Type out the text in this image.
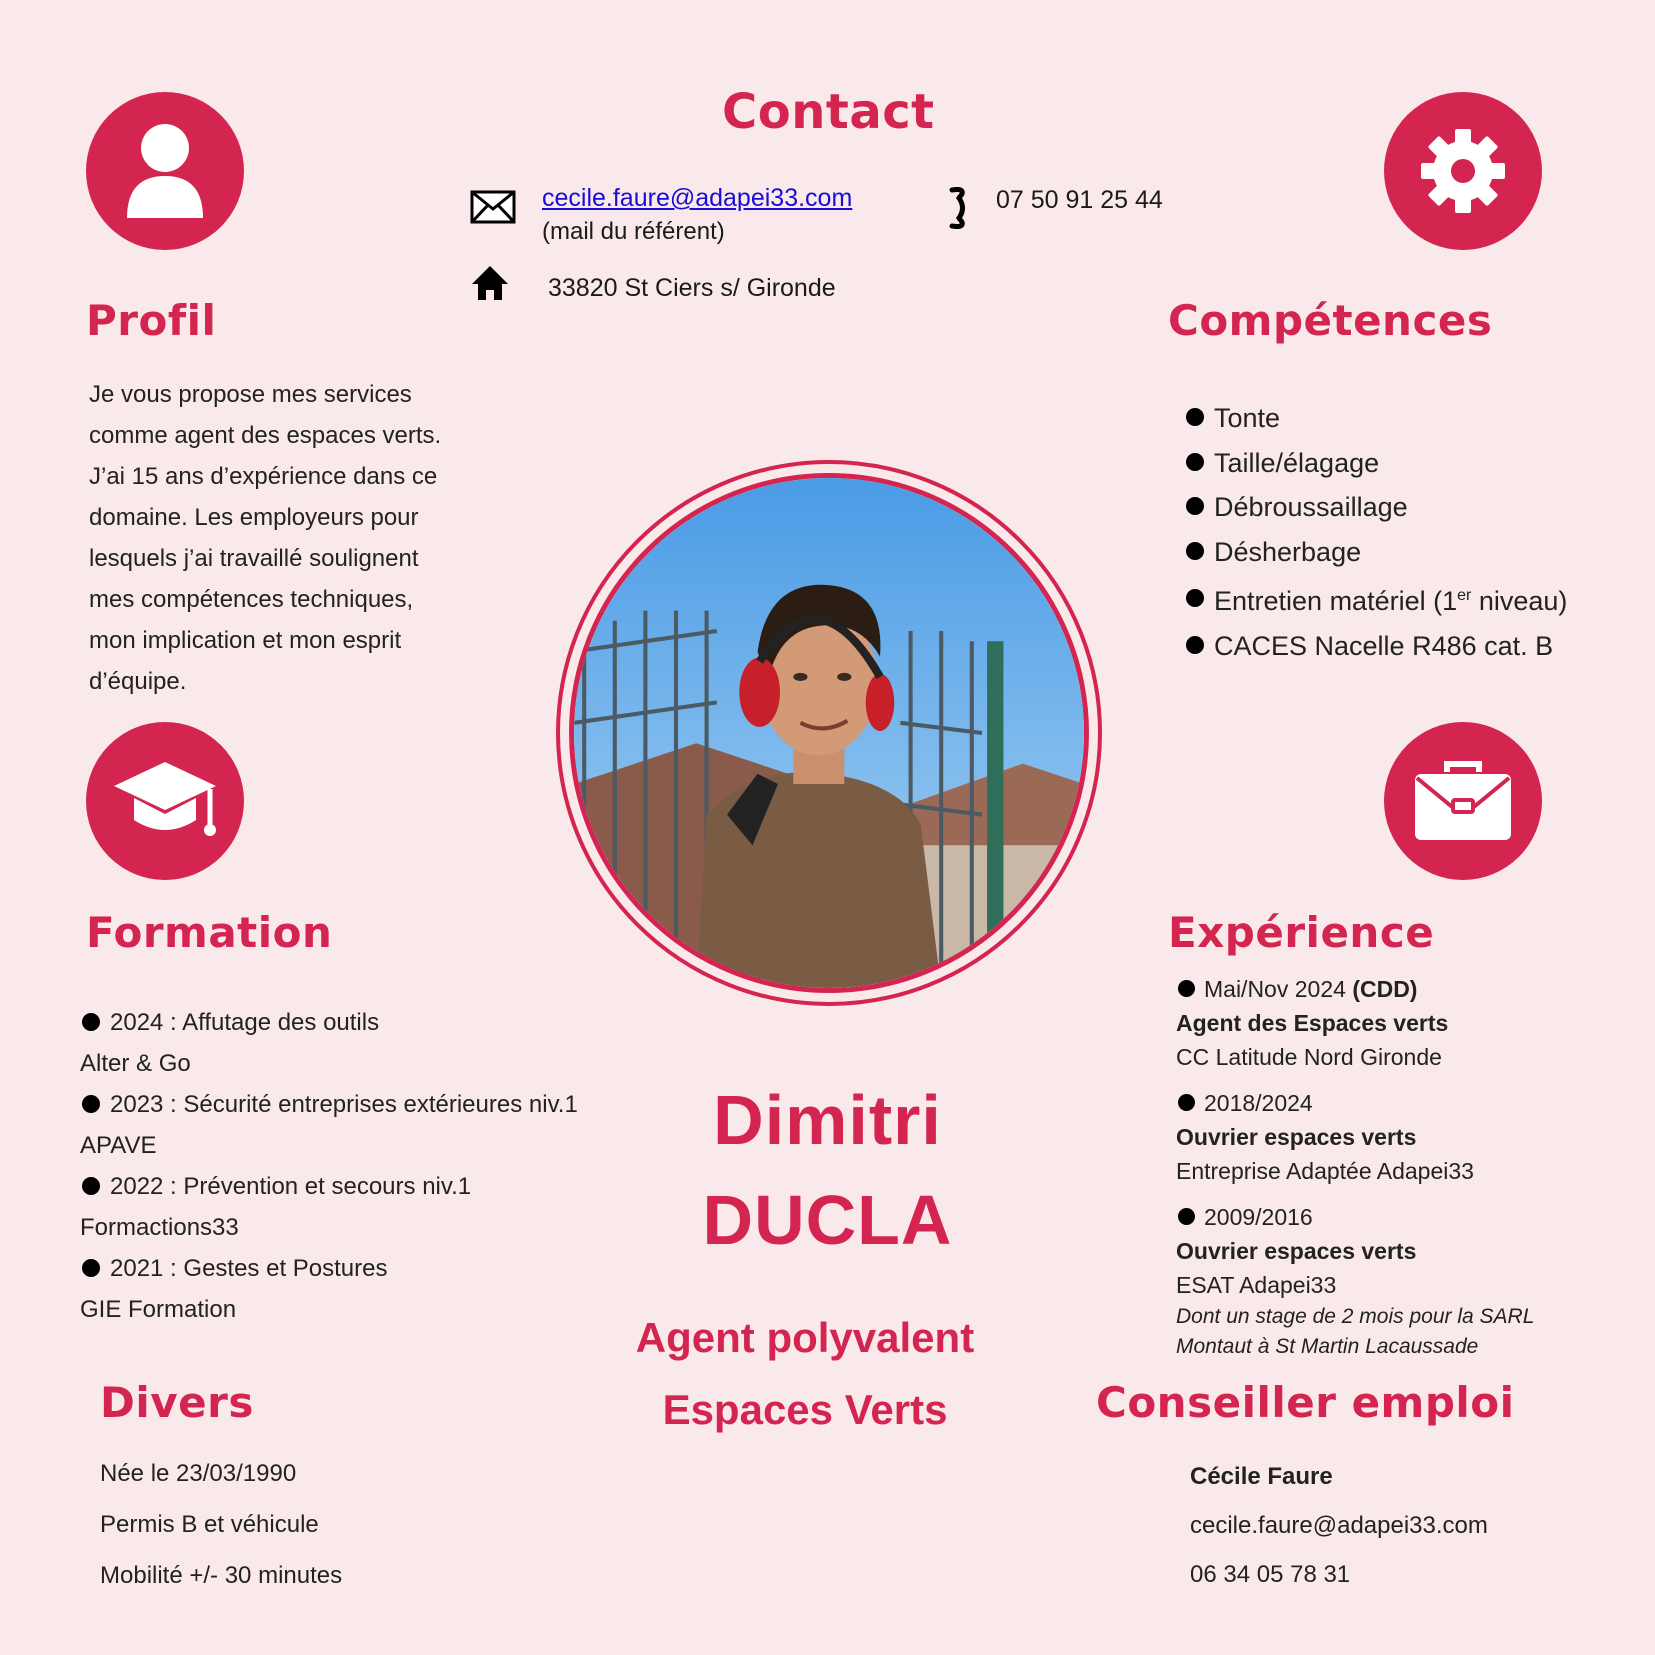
Contact
cecile.faure@adapei33.com
(mail du référent)
07 50 91 25 44
33820 St Ciers s/ Gironde
Profil
Je vous propose mes services
comme agent des espaces verts.
J’ai 15 ans d’expérience dans ce
domaine. Les employeurs pour
lesquels j’ai travaillé soulignent
mes compétences techniques,
mon implication et mon esprit
d’équipe.
Compétences
Tonte
Taille/élagage
Débroussaillage
Désherbage
Entretien matériel (1er niveau)
CACES Nacelle R486 cat. B
Formation
2024 : Affutage des outils
Alter & Go
2023 : Sécurité entreprises extérieures niv.1
APAVE
2022 : Prévention et secours niv.1
Formactions33
2021 : Gestes et Postures
GIE Formation
Expérience
Mai/Nov 2024 (CDD)
Agent des Espaces verts
CC Latitude Nord Gironde
2018/2024
Ouvrier espaces verts
Entreprise Adaptée Adapei33
2009/2016
Ouvrier espaces verts
ESAT Adapei33
Dont un stage de 2 mois pour la SARL
Montaut à St Martin Lacaussade
Dimitri
DUCLA
Agent polyvalent
Espaces Verts
Divers
Née le 23/03/1990
Permis B et véhicule
Mobilité +/- 30 minutes
Conseiller emploi
Cécile Faure
cecile.faure@adapei33.com
06 34 05 78 31
